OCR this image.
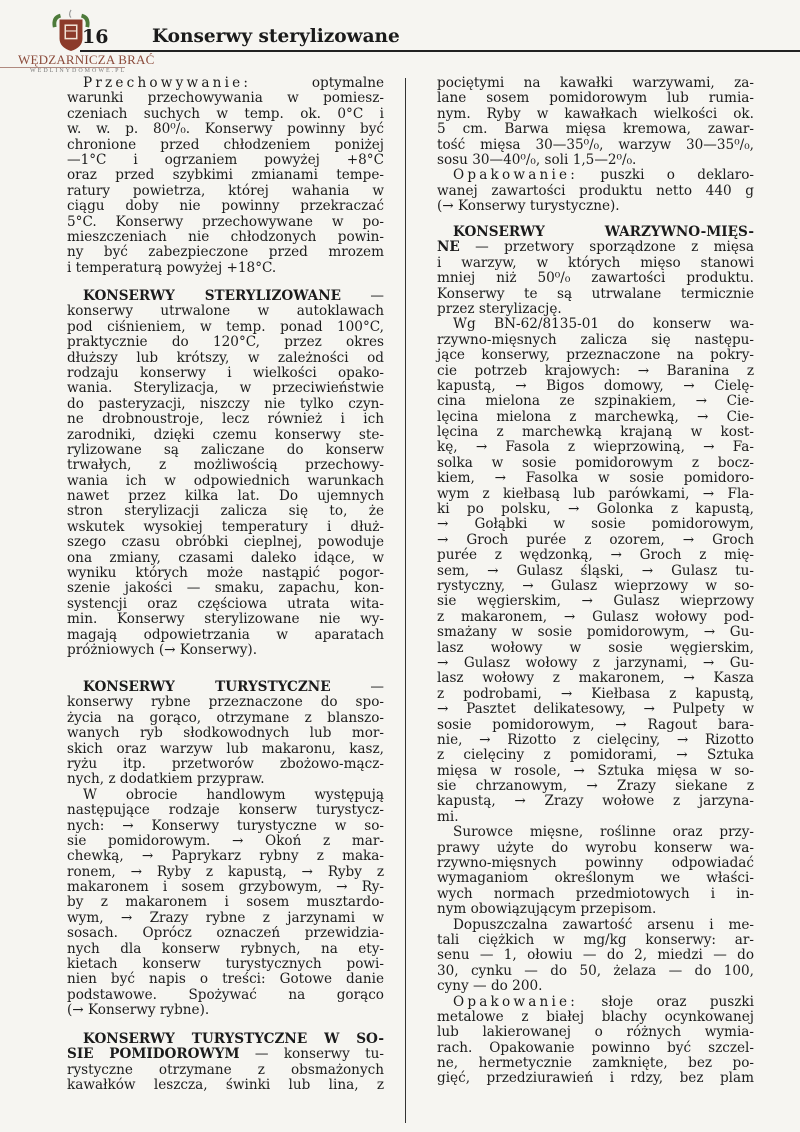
16 Konserwy sterylizowane
WĘDZARNICZA BRAĆ
WEDLINYDOMOWE.PL
Przechowywanie: optymalne
warunki przechowywania w pomiesz-
czeniach suchych w temp. ok. 0°C i
w. w. p. 80⁰/₀. Konserwy powinny być
chronione przed chłodzeniem poniżej
—1°C i ogrzaniem powyżej +8°C
oraz przed szybkimi zmianami tempe-
ratury powietrza, której wahania w
ciągu doby nie powinny przekraczać
5°C. Konserwy przechowywane w po-
mieszczeniach nie chłodzonych powin-
ny być zabezpieczone przed mrozem
i temperaturą powyżej +18°C.
KONSERWY STERYLIZOWANE —
konserwy utrwalone w autoklawach
pod ciśnieniem, w temp. ponad 100°C,
praktycznie do 120°C, przez okres
dłuższy lub krótszy, w zależności od
rodzaju konserwy i wielkości opako-
wania. Sterylizacja, w przeciwieństwie
do pasteryzacji, niszczy nie tylko czyn-
ne drobnoustroje, lecz również i ich
zarodniki, dzięki czemu konserwy ste-
rylizowane są zaliczane do konserw
trwałych, z możliwością przechowy-
wania ich w odpowiednich warunkach
nawet przez kilka lat. Do ujemnych
stron sterylizacji zalicza się to, że
wskutek wysokiej temperatury i dłuż-
szego czasu obróbki cieplnej, powoduje
ona zmiany, czasami daleko idące, w
wyniku których może nastąpić pogor-
szenie jakości — smaku, zapachu, kon-
systencji oraz częściowa utrata wita-
min. Konserwy sterylizowane nie wy-
magają odpowietrzania w aparatach
próżniowych (→ Konserwy).
KONSERWY TURYSTYCZNE —
konserwy rybne przeznaczone do spo-
życia na gorąco, otrzymane z blanszo-
wanych ryb słodkowodnych lub mor-
skich oraz warzyw lub makaronu, kasz,
ryżu itp. przetworów zbożowo-mącz-
nych, z dodatkiem przypraw.
W obrocie handlowym występują
następujące rodzaje konserw turystycz-
nych: → Konserwy turystyczne w so-
sie pomidorowym. → Okoń z mar-
chewką, → Paprykarz rybny z maka-
ronem, → Ryby z kapustą, → Ryby z
makaronem i sosem grzybowym, → Ry-
by z makaronem i sosem musztardo-
wym, → Zrazy rybne z jarzynami w
sosach. Oprócz oznaczeń przewidzia-
nych dla konserw rybnych, na ety-
kietach konserw turystycznych powi-
nien być napis o treści: Gotowe danie
podstawowe. Spożywać na gorąco
(→ Konserwy rybne).
KONSERWY TURYSTYCZNE W SO-
SIE POMIDOROWYM — konserwy tu-
rystyczne otrzymane z obsmażonych
kawałków leszcza, świnki lub lina, z
pociętymi na kawałki warzywami, za-
lane sosem pomidorowym lub rumia-
nym. Ryby w kawałkach wielkości ok.
5 cm. Barwa mięsa kremowa, zawar-
tość mięsa 30—35⁰/₀, warzyw 30—35⁰/₀,
sosu 30—40⁰/₀, soli 1,5—2⁰/₀.
Opakowanie: puszki o deklaro-
wanej zawartości produktu netto 440 g
(→ Konserwy turystyczne).
KONSERWY WARZYWNO-MIĘS-
NE — przetwory sporządzone z mięsa
i warzyw, w których mięso stanowi
mniej niż 50⁰/₀ zawartości produktu.
Konserwy te są utrwalane termicznie
przez sterylizację.
Wg BN-62/8135-01 do konserw wa-
rzywno-mięsnych zalicza się następu-
jące konserwy, przeznaczone na pokry-
cie potrzeb krajowych: → Baranina z
kapustą, → Bigos domowy, → Cielę-
cina mielona ze szpinakiem, → Cie-
lęcina mielona z marchewką, → Cie-
lęcina z marchewką krajaną w kost-
kę, → Fasola z wieprzowiną, → Fa-
solka w sosie pomidorowym z bocz-
kiem, → Fasolka w sosie pomidoro-
wym z kiełbasą lub parówkami, → Fla-
ki po polsku, → Golonka z kapustą,
→ Gołąbki w sosie pomidorowym,
→ Groch purée z ozorem, → Groch
purée z wędzonką, → Groch z mię-
sem, → Gulasz śląski, → Gulasz tu-
rystyczny, → Gulasz wieprzowy w so-
sie węgierskim, → Gulasz wieprzowy
z makaronem, → Gulasz wołowy pod-
smażany w sosie pomidorowym, → Gu-
lasz wołowy w sosie węgierskim,
→ Gulasz wołowy z jarzynami, → Gu-
lasz wołowy z makaronem, → Kasza
z podrobami, → Kiełbasa z kapustą,
→ Pasztet delikatesowy, → Pulpety w
sosie pomidorowym, → Ragout bara-
nie, → Rizotto z cielęciny, → Rizotto
z cielęciny z pomidorami, → Sztuka
mięsa w rosole, → Sztuka mięsa w so-
sie chrzanowym, → Zrazy siekane z
kapustą, → Zrazy wołowe z jarzyna-
mi.
Surowce mięsne, roślinne oraz przy-
prawy użyte do wyrobu konserw wa-
rzywno-mięsnych powinny odpowiadać
wymaganiom określonym we właści-
wych normach przedmiotowych i in-
nym obowiązującym przepisom.
Dopuszczalna zawartość arsenu i me-
tali ciężkich w mg/kg konserwy: ar-
senu — 1, ołowiu — do 2, miedzi — do
30, cynku — do 50, żelaza — do 100,
cyny — do 200.
Opakowanie: słoje oraz puszki
metalowe z białej blachy ocynkowanej
lub lakierowanej o różnych wymia-
rach. Opakowanie powinno być szczel-
ne, hermetycznie zamknięte, bez po-
gięć, przedziurawień i rdzy, bez plam
